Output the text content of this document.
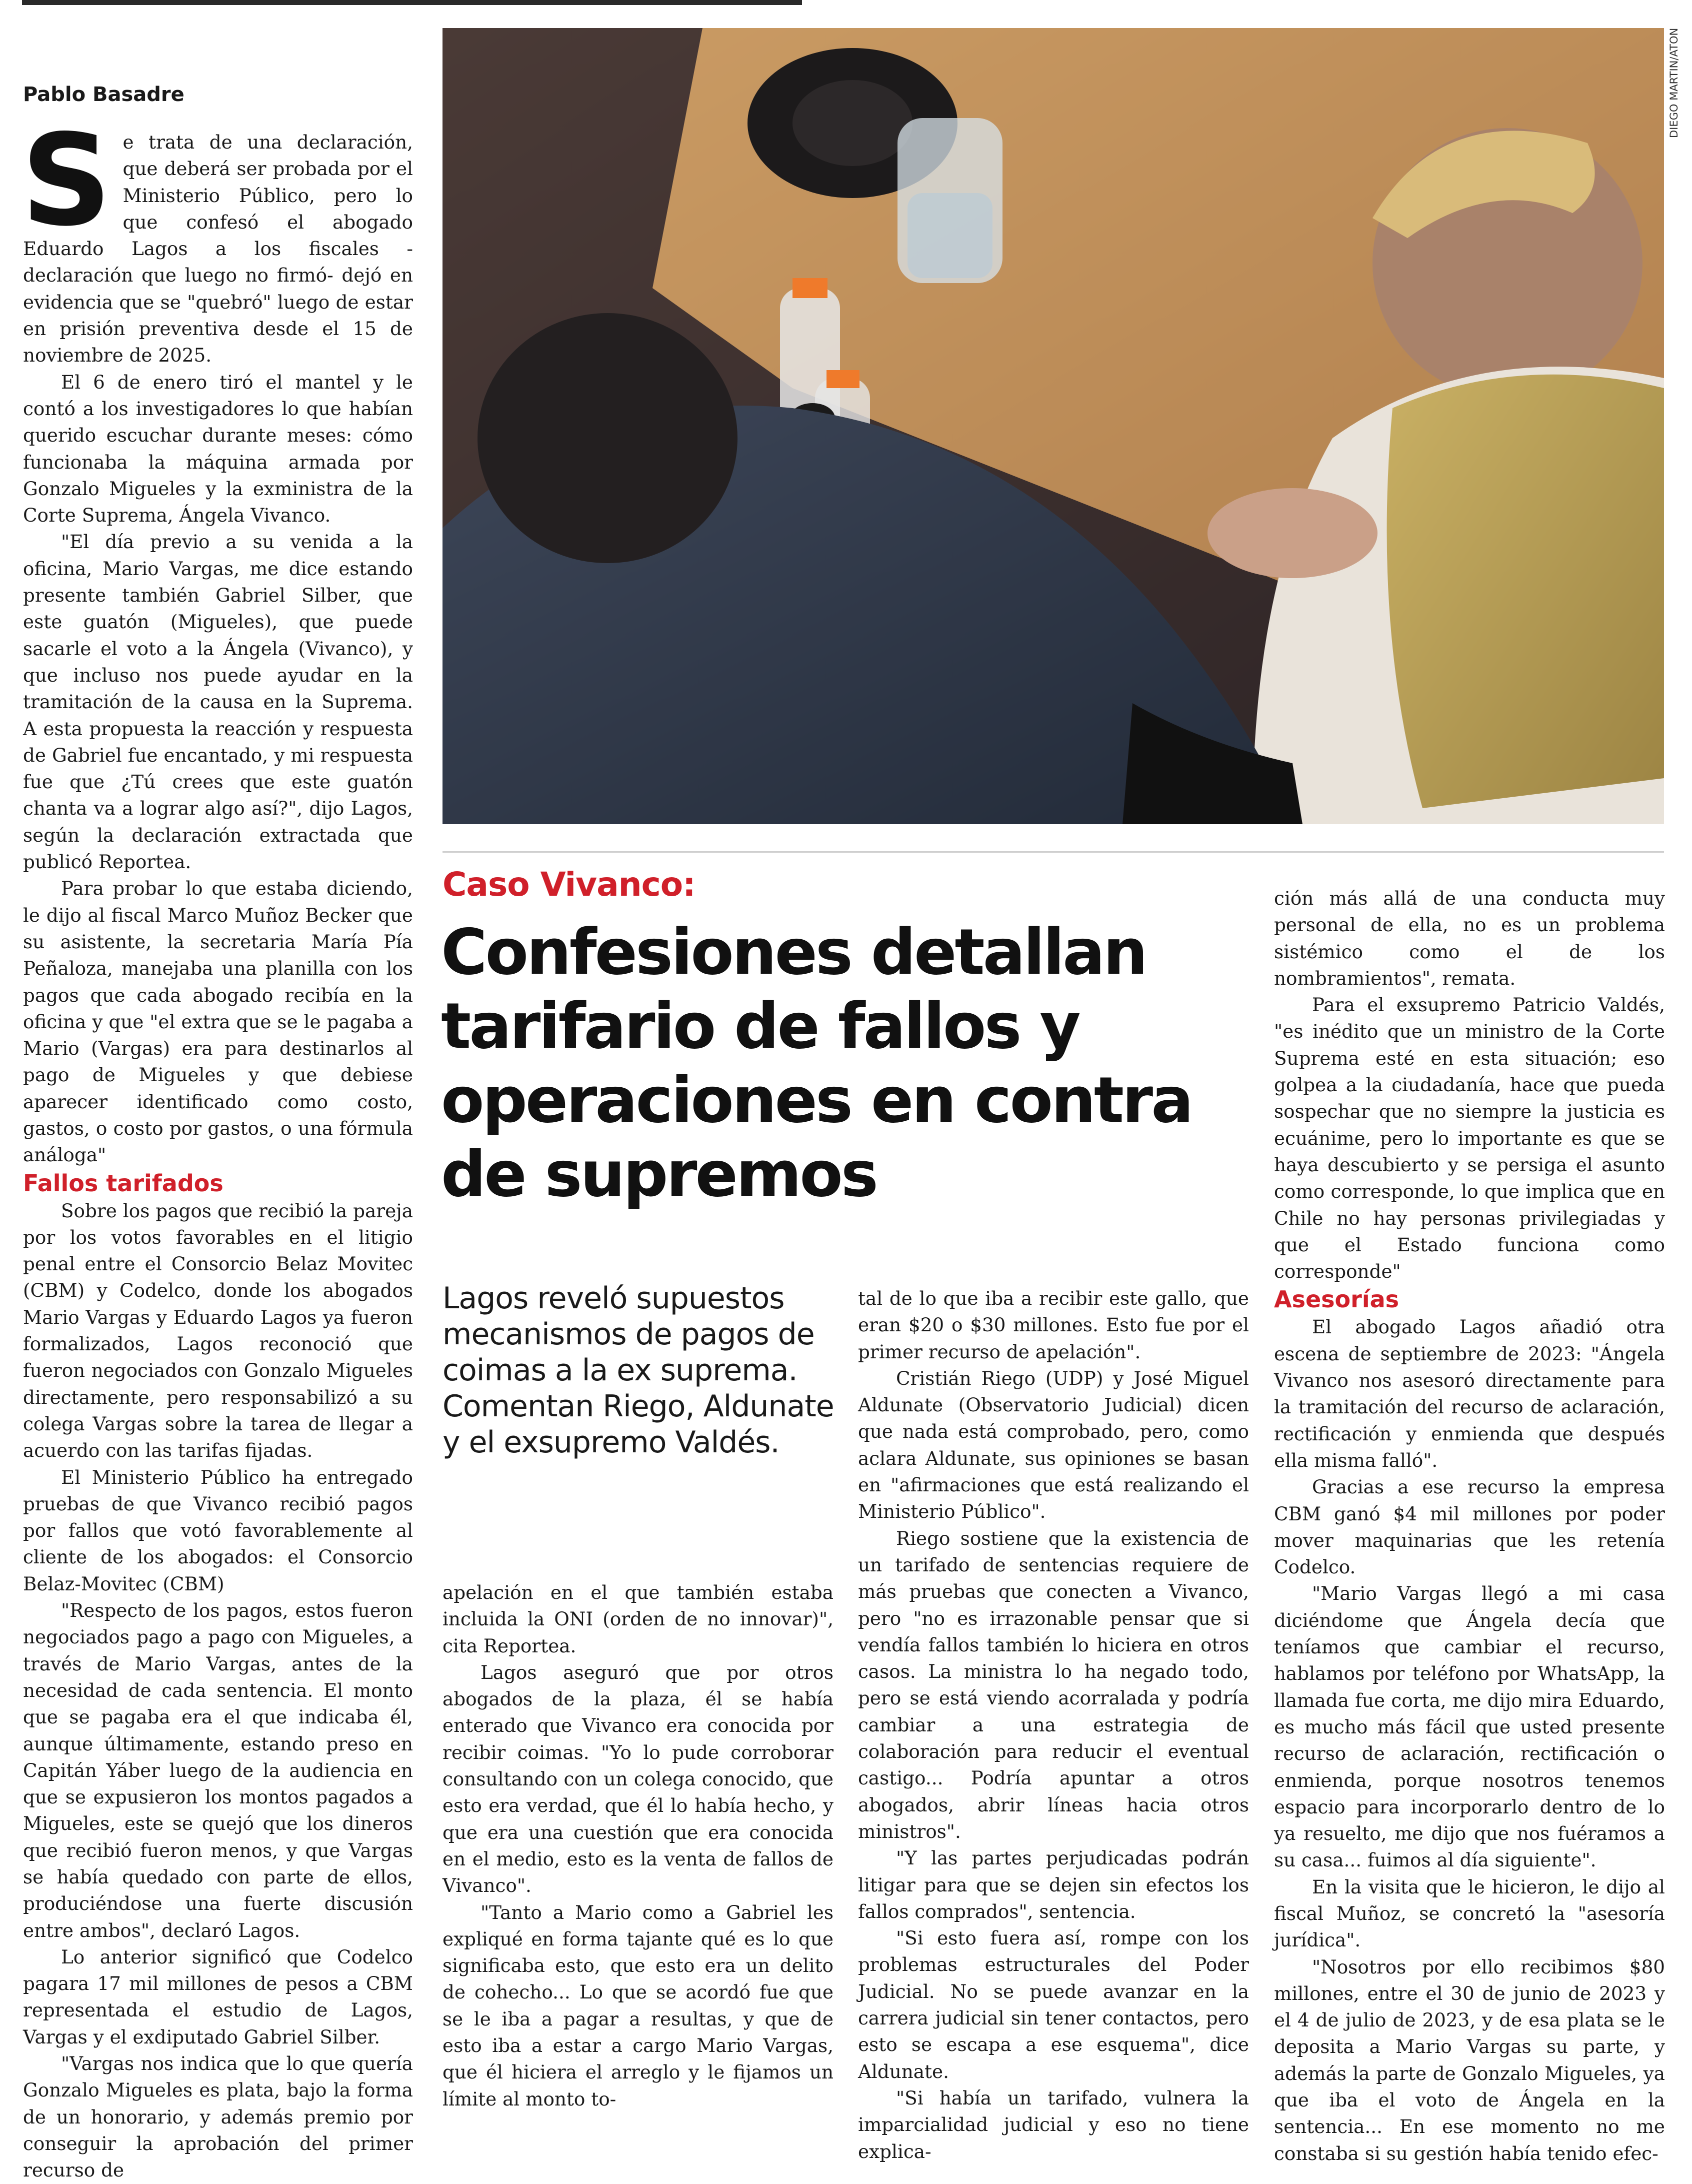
Pablo Basadre

Se trata de una declaración, que deberá ser probada por el Ministerio Público, pero lo que confesó el abogado Eduardo Lagos a los fiscales -declaración que luego no firmó- dejó en evidencia que se "quebró" luego de estar en prisión preventiva desde el 15 de noviembre de 2025.

El 6 de enero tiró el mantel y le contó a los investigadores lo que habían querido escuchar durante meses: cómo funcionaba la máquina armada por Gonzalo Migueles y la exministra de la Corte Suprema, Ángela Vivanco.

"El día previo a su venida a la oficina, Mario Vargas, me dice estando presente también Gabriel Silber, que este guatón (Migueles), que puede sacarle el voto a la Ángela (Vivanco), y que incluso nos puede ayudar en la tramitación de la causa en la Suprema. A esta propuesta la reacción y respuesta de Gabriel fue encantado, y mi respuesta fue que ¿Tú crees que este guatón chanta va a lograr algo así?", dijo Lagos, según la declaración extractada que publicó Reportea.

Para probar lo que estaba diciendo, le dijo al fiscal Marco Muñoz Becker que su asistente, la secretaria María Pía Peñaloza, manejaba una planilla con los pagos que cada abogado recibía en la oficina y que "el extra que se le pagaba a Mario (Vargas) era para destinarlos al pago de Migueles y que debiese aparecer identificado como costo, gastos, o costo por gastos, o una fórmula análoga"

Fallos tarifados

Sobre los pagos que recibió la pareja por los votos favorables en el litigio penal entre el Consorcio Belaz Movitec (CBM) y Codelco, donde los abogados Mario Vargas y Eduardo Lagos ya fueron formalizados, Lagos reconoció que fueron negociados con Gonzalo Migueles directamente, pero responsabilizó a su colega Vargas sobre la tarea de llegar a acuerdo con las tarifas fijadas.

El Ministerio Público ha entregado pruebas de que Vivanco recibió pagos por fallos que votó favorablemente al cliente de los abogados: el Consorcio Belaz-Movitec (CBM)

"Respecto de los pagos, estos fueron negociados pago a pago con Migueles, a través de Mario Vargas, antes de la necesidad de cada sentencia. El monto que se pagaba era el que indicaba él, aunque últimamente, estando preso en Capitán Yáber luego de la audiencia en que se expusieron los montos pagados a Migueles, este se quejó que los dineros que recibió fueron menos, y que Vargas se había quedado con parte de ellos, produciéndose una fuerte discusión entre ambos", declaró Lagos.

Lo anterior significó que Codelco pagara 17 mil millones de pesos a CBM representada el estudio de Lagos, Vargas y el exdiputado Gabriel Silber.

"Vargas nos indica que lo que quería Gonzalo Migueles es plata, bajo la forma de un honorario, y además premio por conseguir la aprobación del primer recurso de

DIEGO MARTIN/ATON
Caso Vivanco:
Confesiones detallan tarifario de fallos y operaciones en contra de supremos
Lagos reveló supuestos mecanismos de pagos de coimas a la ex suprema. Comentan Riego, Aldunate y el exsupremo Valdés.

apelación en el que también estaba incluida la ONI (orden de no innovar)", cita Reportea.

Lagos aseguró que por otros abogados de la plaza, él se había enterado que Vivanco era conocida por recibir coimas. "Yo lo pude corroborar consultando con un colega conocido, que esto era verdad, que él lo había hecho, y que era una cuestión que era conocida en el medio, esto es la venta de fallos de Vivanco".

"Tanto a Mario como a Gabriel les expliqué en forma tajante qué es lo que significaba esto, que esto era un delito de cohecho... Lo que se acordó fue que se le iba a pagar a resultas, y que de esto iba a estar a cargo Mario Vargas, que él hiciera el arreglo y le fijamos un límite al monto to-

tal de lo que iba a recibir este gallo, que eran $20 o $30 millones. Esto fue por el primer recurso de apelación".

Cristián Riego (UDP) y José Miguel Aldunate (Observatorio Judicial) dicen que nada está comprobado, pero, como aclara Aldunate, sus opiniones se basan en "afirmaciones que está realizando el Ministerio Público".

Riego sostiene que la existencia de un tarifado de sentencias requiere de más pruebas que conecten a Vivanco, pero "no es irrazonable pensar que si vendía fallos también lo hiciera en otros casos. La ministra lo ha negado todo, pero se está viendo acorralada y podría cambiar a una estrategia de colaboración para reducir el eventual castigo... Podría apuntar a otros abogados, abrir líneas hacia otros ministros".

"Y las partes perjudicadas podrán litigar para que se dejen sin efectos los fallos comprados", sentencia.

"Si esto fuera así, rompe con los problemas estructurales del Poder Judicial. No se puede avanzar en la carrera judicial sin tener contactos, pero esto se escapa a ese esquema", dice Aldunate.

"Si había un tarifado, vulnera la imparcialidad judicial y eso no tiene explica-

ción más allá de una conducta muy personal de ella, no es un problema sistémico como el de los nombramientos", remata.

Para el exsupremo Patricio Valdés, "es inédito que un ministro de la Corte Suprema esté en esta situación; eso golpea a la ciudadanía, hace que pueda sospechar que no siempre la justicia es ecuánime, pero lo importante es que se haya descubierto y se persiga el asunto como corresponde, lo que implica que en Chile no hay personas privilegiadas y que el Estado funciona como corresponde"

Asesorías

El abogado Lagos añadió otra escena de septiembre de 2023: "Ángela Vivanco nos asesoró directamente para la tramitación del recurso de aclaración, rectificación y enmienda que después ella misma falló".

Gracias a ese recurso la empresa CBM ganó $4 mil millones por poder mover maquinarias que les retenía Codelco.

"Mario Vargas llegó a mi casa diciéndome que Ángela decía que teníamos que cambiar el recurso, hablamos por teléfono por WhatsApp, la llamada fue corta, me dijo mira Eduardo, es mucho más fácil que usted presente recurso de aclaración, rectificación o enmienda, porque nosotros tenemos espacio para incorporarlo dentro de lo ya resuelto, me dijo que nos fuéramos a su casa... fuimos al día siguiente".

En la visita que le hicieron, le dijo al fiscal Muñoz, se concretó la "asesoría jurídica".

"Nosotros por ello recibimos $80 millones, entre el 30 de junio de 2023 y el 4 de julio de 2023, y de esa plata se le deposita a Mario Vargas su parte, y además la parte de Gonzalo Migueles, ya que iba el voto de Ángela en la sentencia... En ese momento no me constaba si su gestión había tenido efec-
